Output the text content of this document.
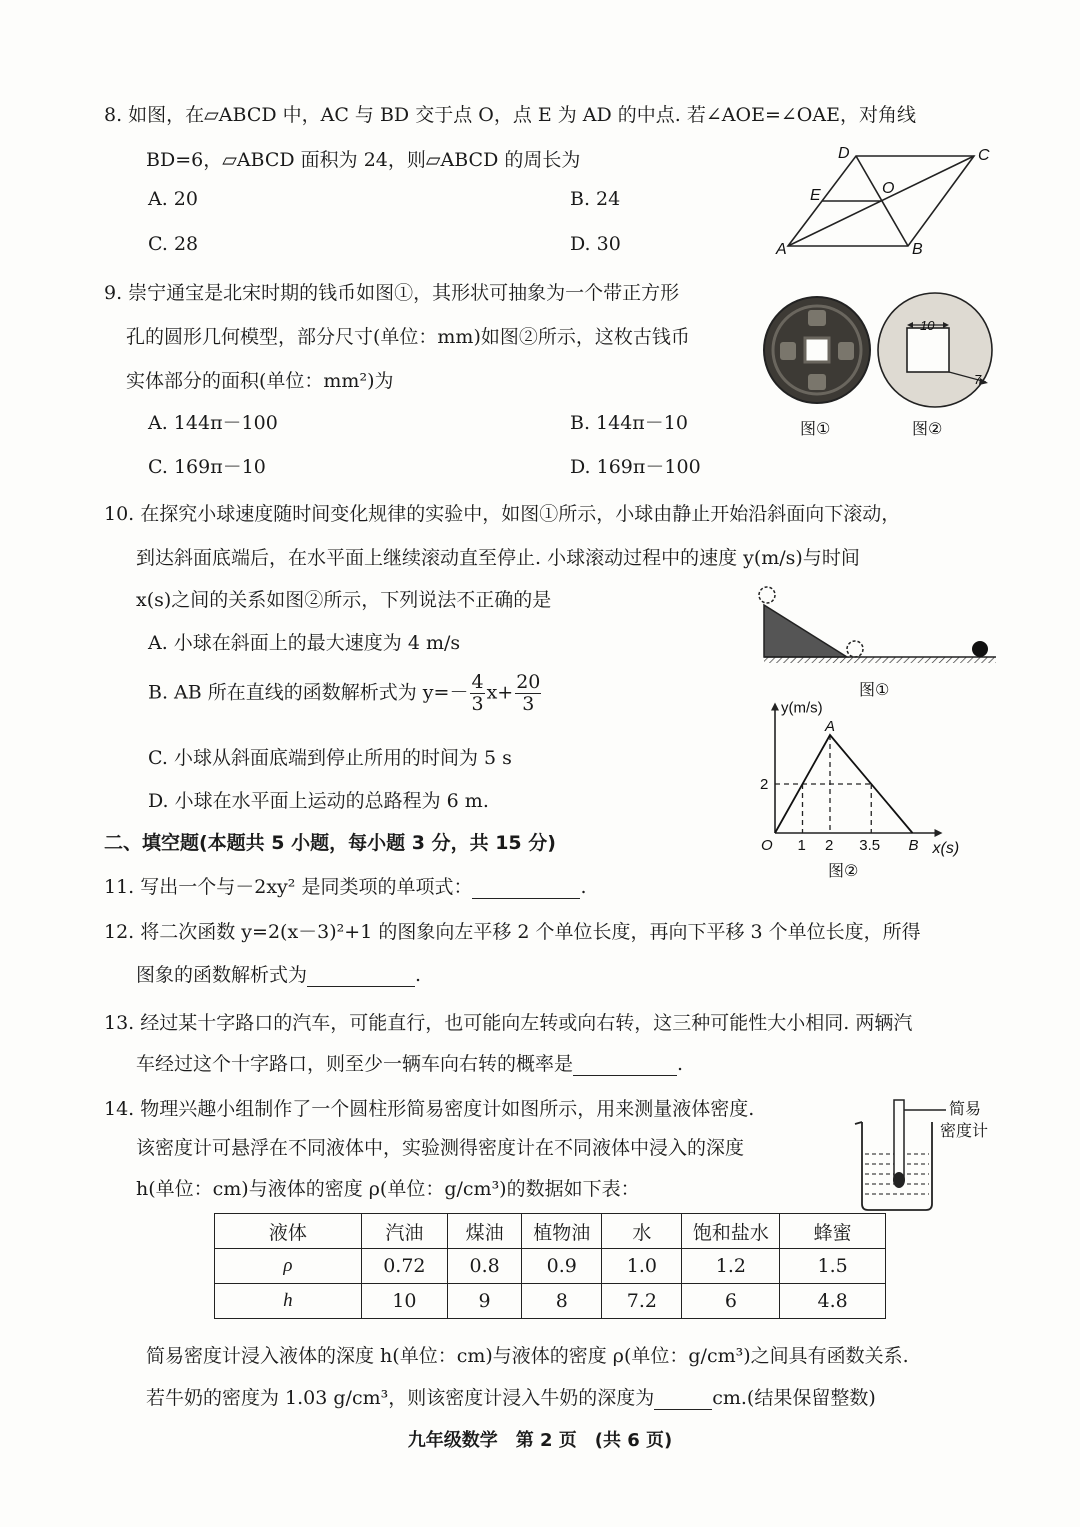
8. 如图，在▱ABCD 中，AC 与 BD 交于点 O，点 E 为 AD 的中点. 若∠AOE=∠OAE，对角线
BD=6，▱ABCD 面积为 24，则▱ABCD 的周长为
A. 20	B. 24
C. 28	D. 30	A	B
C
D
E	O
9. 崇宁通宝是北宋时期的钱币如图①，其形状可抽象为一个带正方形
孔的圆形几何模型，部分尺寸(单位：mm)如图②所示，这枚古钱币
实体部分的面积(单位：mm²)为
A. 144π－100	B. 144π－10
C. 169π－10	D. 169π－100
10
7
图①	图②
10. 在探究小球速度随时间变化规律的实验中，如图①所示，小球由静止开始沿斜面向下滚动，
到达斜面底端后，在水平面上继续滚动直至停止. 小球滚动过程中的速度 y(m/s)与时间
x(s)之间的关系如图②所示，下列说法不正确的是
A. 小球在斜面上的最大速度为 4 m/s
B. AB 所在直线的函数解析式为 $y=- \frac{4}{3} x+ \frac{20}{3}$
C. 小球从斜面底端到停止所用的时间为 5 s
D. 小球在水平面上运动的总路程为 6 m.
图①
x(s)
y(m/s)
1 2 3.5
2
O
A
B
图②
二、填空题(本题共 5 小题，每小题 3 分，共 15 分)
11. 写出一个与－2xy² 是同类项的单项式：	.
12. 将二次函数 y=2(x－3)²+1 的图象向左平移 2 个单位长度，再向下平移 3 个单位长度，所得
图象的函数解析式为	.
13. 经过某十字路口的汽车，可能直行，也可能向左转或向右转，这三种可能性大小相同. 两辆汽
车经过这个十字路口，则至少一辆车向右转的概率是	.
14. 物理兴趣小组制作了一个圆柱形简易密度计如图所示，用来测量液体密度.
该密度计可悬浮在不同液体中，实验测得密度计在不同液体中浸入的深度
h(单位：cm)与液体的密度 ρ(单位：g/cm³)的数据如下表：
简易
密度计
液体	汽油	煤油	植物油	水	饱和盐水	蜂蜜
ρ	0.72	0.8	0.9	1.0	1.2	1.5
h	10	9	8	7.2	6	4.8
简易密度计浸入液体的深度 h(单位：cm)与液体的密度 ρ(单位：g/cm³)之间具有函数关系.
若牛奶的密度为 1.03 g/cm³，则该密度计浸入牛奶的深度为	cm.(结果保留整数)
九年级数学　第 2 页　(共 6 页)
